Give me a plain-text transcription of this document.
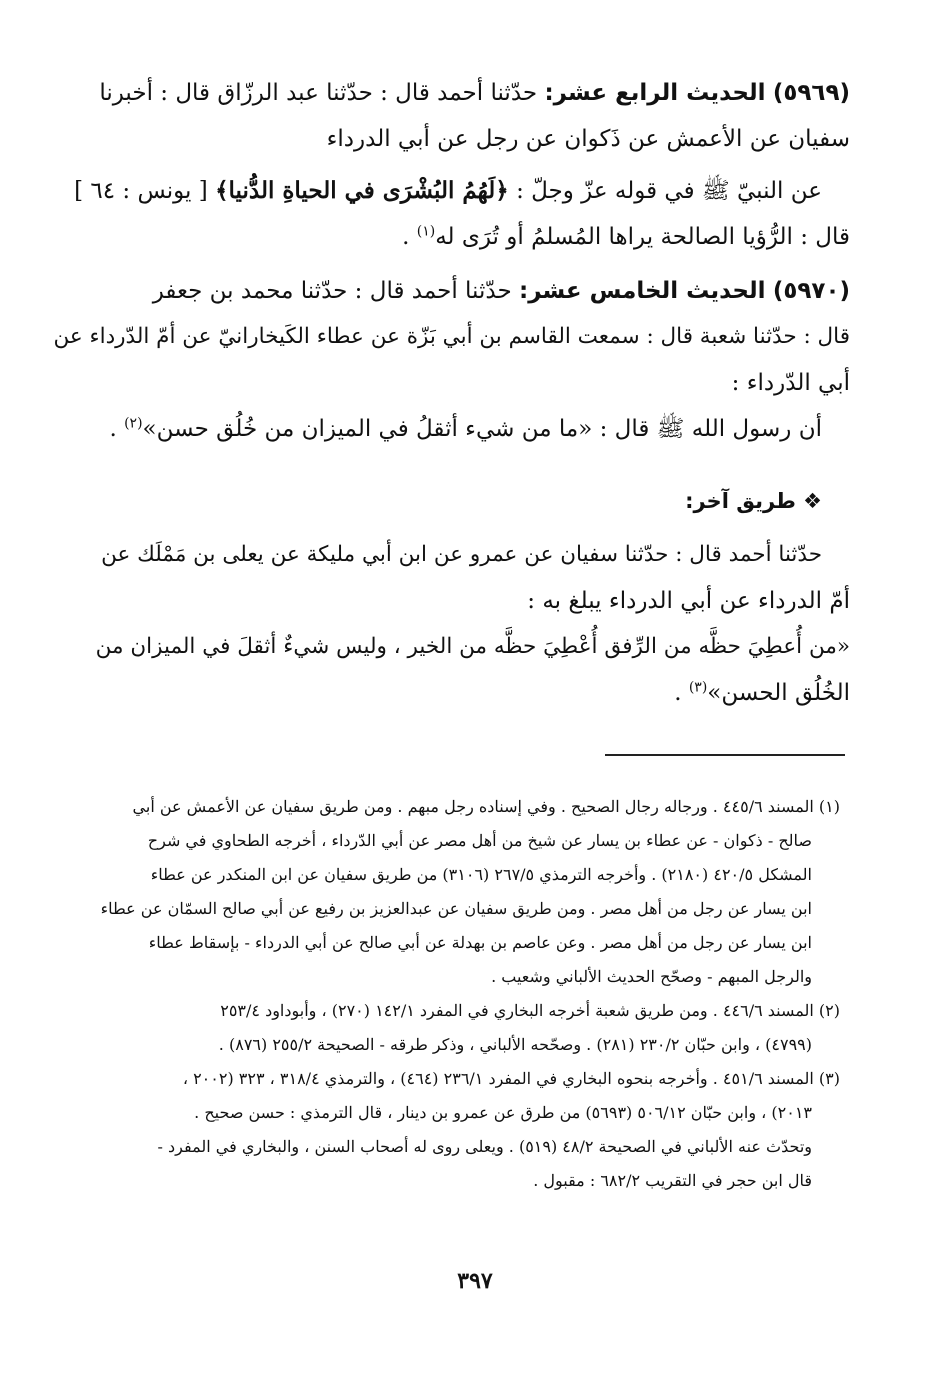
(٥٩٦٩) الحديث الرابع عشر: حدّثنا أحمد قال : حدّثنا عبد الرزّاق قال : أخبرنا
سفيان عن الأعمش عن ذَكوان عن رجل عن أبي الدرداء
عن النبيّ ﷺ في قوله عزّ وجلّ : ﴿لَهُمُ البُشْرَى في الحياةِ الدُّنيا﴾ [ يونس : ٦٤ ]
قال : الرُّؤيا الصالحة يراها المُسلمُ أو تُرَى له$^{(١)}$ .
(٥٩٧٠) الحديث الخامس عشر: حدّثنا أحمد قال : حدّثنا محمد بن جعفر
قال : حدّثنا شعبة قال : سمعت القاسم بن أبي بَزّة عن عطاء الكَيخارانيّ عن أمّ الدّرداء عن
أبي الدّرداء :
أن رسول الله ﷺ قال : «ما من شيء أثقلُ في الميزان من خُلُق حسن»$^{(٢)}$ .
❖ طريق آخر:
حدّثنا أحمد قال : حدّثنا سفيان عن عمرو عن ابن أبي مليكة عن يعلى بن مَمْلَك عن
أمّ الدرداء عن أبي الدرداء يبلغ به :
«من أُعطِيَ حظَّه من الرِّفق أُعْطِيَ حظَّه من الخير ، وليس شيءٌ أثقلَ في الميزان من
الخُلُق الحسن»$^{(٣)}$ .
(١) المسند ٤٤٥/٦ . ورجاله رجال الصحيح . وفي إسناده رجل مبهم . ومن طريق سفيان عن الأعمش عن أبي
صالح - ذكوان - عن عطاء بن يسار عن شيخ من أهل مصر عن أبي الدّرداء ، أخرجه الطحاوي في شرح
المشكل ٤٢٠/٥ (٢١٨٠) . وأخرجه الترمذي ٢٦٧/٥ (٣١٠٦) من طريق سفيان عن ابن المنكدر عن عطاء
ابن يسار عن رجل من أهل مصر . ومن طريق سفيان عن عبدالعزيز بن رفيع عن أبي صالح السمّان عن عطاء
ابن يسار عن رجل من أهل مصر . وعن عاصم بن بهدلة عن أبي صالح عن أبي الدرداء - بإسقاط عطاء
والرجل المبهم - وصحّح الحديث الألباني وشعيب .
(٢) المسند ٤٤٦/٦ . ومن طريق شعبة أخرجه البخاري في المفرد ١٤٢/١ (٢٧٠) ، وأبوداود ٢٥٣/٤
(٤٧٩٩) ، وابن حبّان ٢٣٠/٢ (٢٨١) . وصحّحه الألباني ، وذكر طرقه - الصحيحة ٢٥٥/٢ (٨٧٦) .
(٣) المسند ٤٥١/٦ . وأخرجه بنحوه البخاري في المفرد ٢٣٦/١ (٤٦٤) ، والترمذي ٣١٨/٤ ، ٣٢٣ (٢٠٠٢ ،
٢٠١٣) ، وابن حبّان ٥٠٦/١٢ (٥٦٩٣) من طرق عن عمرو بن دينار ، قال الترمذي : حسن صحيح .
وتحدّث عنه الألباني في الصحيحة ٤٨/٢ (٥١٩) . ويعلى روى له أصحاب السنن ، والبخاري في المفرد -
قال ابن حجر في التقريب ٦٨٢/٢ : مقبول .
٣٩٧
